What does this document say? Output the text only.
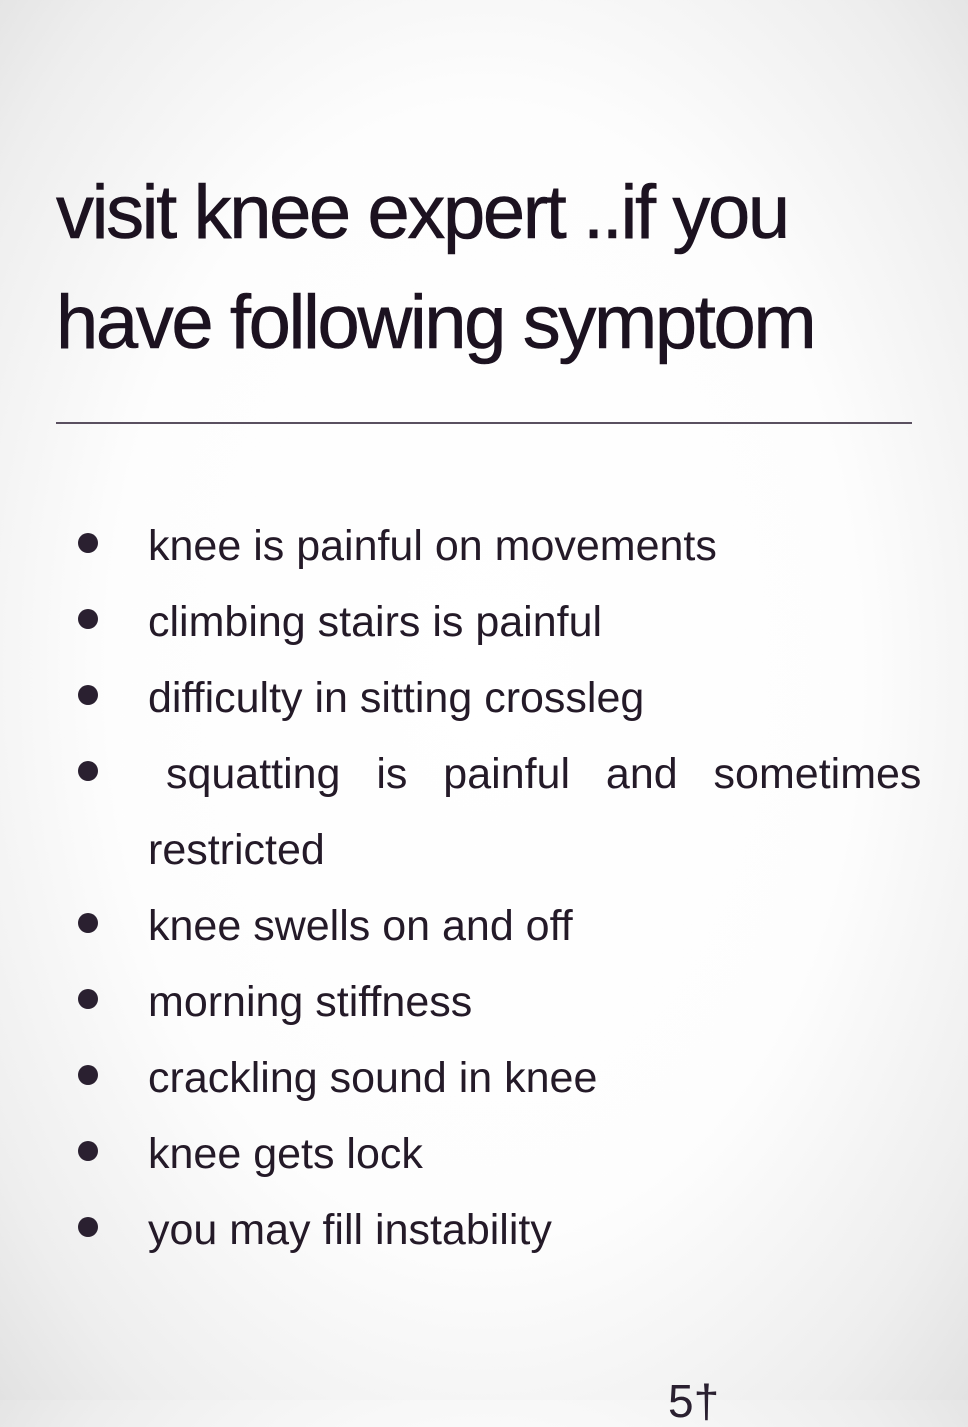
visit knee expert ..if you
have following symptom
knee is painful on movements
climbing stairs is painful
difficulty in sitting crossleg
squatting  is  painful  and  sometimes
restricted
knee swells on and off
morning stiffness
crackling sound in knee
knee gets lock
you may fill instability
5†
